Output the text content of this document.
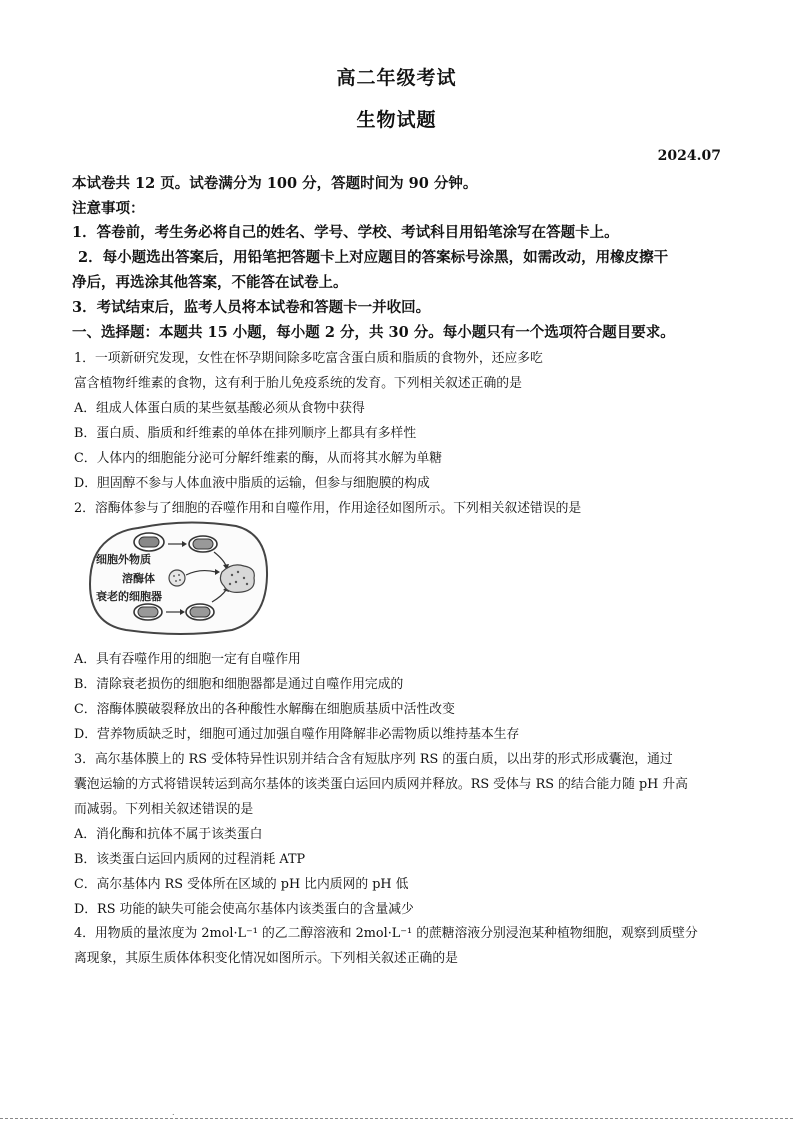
高二年级考试
生物试题
2024.07
本试卷共 12 页。试卷满分为 100 分，答题时间为 90 分钟。
注意事项：
1．答卷前，考生务必将自己的姓名、学号、学校、考试科目用铅笔涂写在答题卡上。
2．每小题选出答案后，用铅笔把答题卡上对应题目的答案标号涂黑，如需改动，用橡皮擦干
净后，再选涂其他答案，不能答在试卷上。
3．考试结束后，监考人员将本试卷和答题卡一并收回。
一、选择题：本题共 15 小题，每小题 2 分，共 30 分。每小题只有一个选项符合题目要求。
1．一项新研究发现，女性在怀孕期间除多吃富含蛋白质和脂质的食物外，还应多吃
富含植物纤维素的食物，这有利于胎儿免疫系统的发育。下列相关叙述正确的是
A．组成人体蛋白质的某些氨基酸必须从食物中获得
B．蛋白质、脂质和纤维素的单体在排列顺序上都具有多样性
C．人体内的细胞能分泌可分解纤维素的酶，从而将其水解为单糖
D．胆固醇不参与人体血液中脂质的运输，但参与细胞膜的构成
2．溶酶体参与了细胞的吞噬作用和自噬作用，作用途径如图所示。下列相关叙述错误的是
细胞外物质
溶酶体
衰老的细胞器
A．具有吞噬作用的细胞一定有自噬作用
B．清除衰老损伤的细胞和细胞器都是通过自噬作用完成的
C．溶酶体膜破裂释放出的各种酸性水解酶在细胞质基质中活性改变
D．营养物质缺乏时，细胞可通过加强自噬作用降解非必需物质以维持基本生存
3．高尔基体膜上的 RS 受体特异性识别并结合含有短肽序列 RS 的蛋白质，以出芽的形式形成囊泡，通过
囊泡运输的方式将错误转运到高尔基体的该类蛋白运回内质网并释放。RS 受体与 RS 的结合能力随 pH 升高
而减弱。下列相关叙述错误的是
A．消化酶和抗体不属于该类蛋白
B．该类蛋白运回内质网的过程消耗 ATP
C．高尔基体内 RS 受体所在区域的 pH 比内质网的 pH 低
D．RS 功能的缺失可能会使高尔基体内该类蛋白的含量减少
4．用物质的量浓度为 2mol·L⁻¹ 的乙二醇溶液和 2mol·L⁻¹ 的蔗糖溶液分别浸泡某种植物细胞，观察到质壁分
离现象，其原生质体体积变化情况如图所示。下列相关叙述正确的是
.
